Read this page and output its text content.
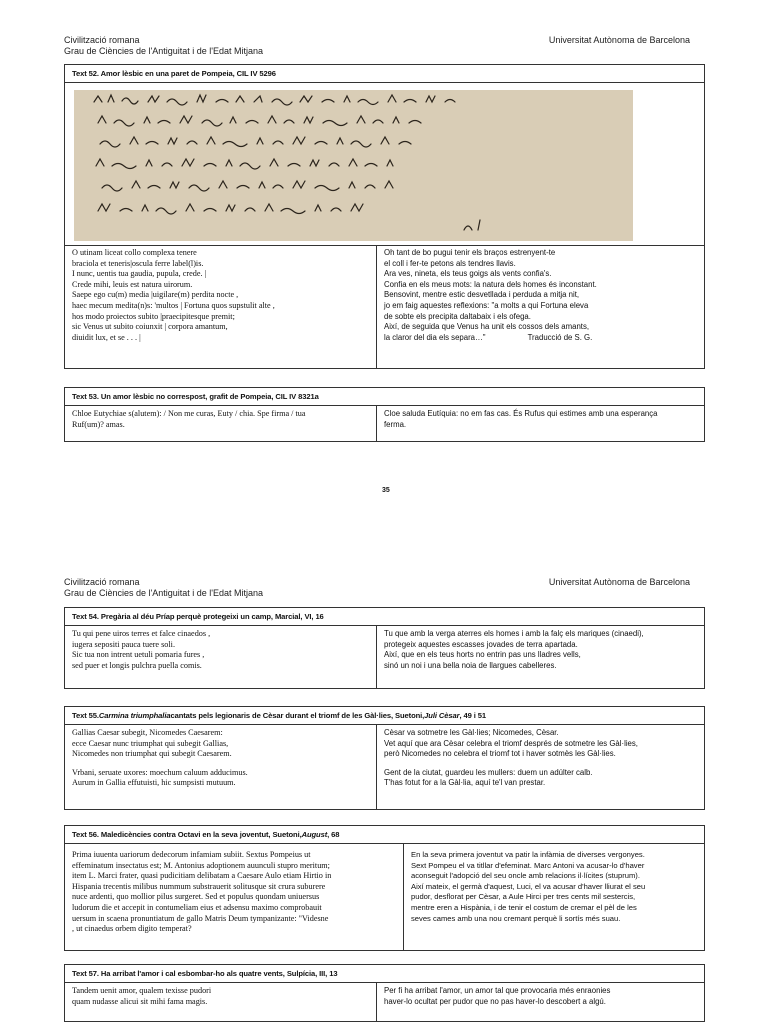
Civilització romana
Grau de Ciències de l'Antiguitat i de l'Edat Mitjana
Universitat Autònoma de Barcelona
Text 52. Amor lèsbic en una paret de Pompeia, CIL IV 5296
O utinam liceat collo complexa tenere
braciola et teneris|oscula ferre label(l)is.
I nunc, uentis tua gaudia, pupula, crede. |
Crede mihi, leuis est natura uirorum.
Saepe ego cu(m) media |uigilare(m) perdita nocte ,
haec mecum medita(n)s: 'multos | Fortuna quos supstulit alte ,
hos modo proiectos subito |praecipitesque premit;
sic Venus ut subito coiunxit | corpora amantum,
diuidit lux, et se . . . |
Oh tant de bo pugui tenir els braços estrenyent-te
el coll i fer-te petons als tendres llavis.
Ara ves, nineta, els teus goigs als vents confia's.
Confia en els meus mots: la natura dels homes és inconstant.
Bensovint, mentre estic desvetllada i perduda a mitja nit,
jo em faig aquestes reflexions: "a molts a qui Fortuna eleva
de sobte els precipita daltabaix i els ofega.
Així, de seguida que Venus ha unit els cossos dels amants,
la claror del dia els separa…"	Traducció de S. G.
Text 53. Un amor lèsbic no correspost, grafit de Pompeia, CIL IV 8321a
Chloe Eutychiae s(alutem): / Non me curas, Euty / chia. Spe firma / tua
Ruf(um)? amas.
Cloe saluda Eutíquia: no em fas cas. És Rufus qui estimes amb una esperança
ferma.
35
Civilització romana
Grau de Ciències de l'Antiguitat i de l'Edat Mitjana
Universitat Autònoma de Barcelona
Text 54. Pregària al déu Príap perquè protegeixi un camp, Marcial, VI, 16
Tu qui pene uiros terres et falce cinaedos ,
iugera sepositi pauca tuere soli.
Sic tua non intrent uetuli pomaria fures ,
sed puer et longis pulchra puella comis.
Tu que amb la verga aterres els homes i amb la falç els mariques (cinaedi),
protegeix aquestes escasses jovades de terra apartada.
Així, que en els teus horts no entrin pas uns lladres vells,
sinó un noi i una bella noia de llargues cabelleres.
Text 55. Carmina triumphalia cantats pels legionaris de Cèsar durant el triomf de les Gàl·lies, Suetoni, Juli Cèsar , 49 i 51
Gallias Caesar subegit, Nicomedes Caesarem:
ecce Caesar nunc triumphat qui subegit Gallias,
Nicomedes non triumphat qui subegit Caesarem.
Vrbani, seruate uxores: moechum caluum adducimus.
Aurum in Gallia effutuisti, hic sumpsisti mutuum.
Cèsar va sotmetre les Gàl·lies; Nicomedes, Cèsar.
Vet aquí que ara Cèsar celebra el triomf després de sotmetre les Gàl·lies,
però Nicomedes no celebra el triomf tot i haver sotmès les Gàl·lies.
Gent de la ciutat, guardeu les mullers: duem un adúlter calb.
T'has fotut for a la Gàl·lia, aquí te'l van prestar.
Text 56. Maledicències contra Octavi en la seva joventut, Suetoni, August , 68
Prima iuuenta uariorum dedecorum infamiam subiit. Sextus Pompeius ut
effeminatum insectatus est; M. Antonius adoptionem auunculi stupro meritum;
item L. Marci frater, quasi pudicitiam delibatam a Caesare Aulo etiam Hirtio in
Hispania trecentis milibus nummum substrauerit solitusque sit crura suburere
nuce ardenti, quo mollior pilus surgeret. Sed et populus quondam uniuersus
ludorum die et accepit in contumeliam eius et adsensu maximo comprobauit
uersum in scaena pronuntiatum de gallo Matris Deum tympanizante: "Videsne
, ut cinaedus orbem digito temperat?
En la seva primera joventut va patir la infàmia de diverses vergonyes.
Sext Pompeu el va titllar d'efeminat. Marc Antoni va acusar-lo d'haver
aconseguit l'adopció del seu oncle amb relacions il·lícites (stuprum).
Així mateix, el germà d'aquest, Luci, el va acusar d'haver lliurat el seu
pudor, desflorat per Cèsar, a Aule Hirci per tres cents mil sestercis,
mentre eren a Hispània, i de tenir el costum de cremar el pèl de les
seves cames amb una nou cremant perquè li sortís més suau.
Text 57. Ha arribat l'amor i cal esbombar-ho als quatre vents, Sulpícia, III, 13
Tandem uenit amor, qualem texisse pudori
quam nudasse alicui sit mihi fama magis.
Per fi ha arribat l'amor, un amor tal que provocaria més enraonies
haver-lo ocultat per pudor que no pas haver-lo descobert a algú.
